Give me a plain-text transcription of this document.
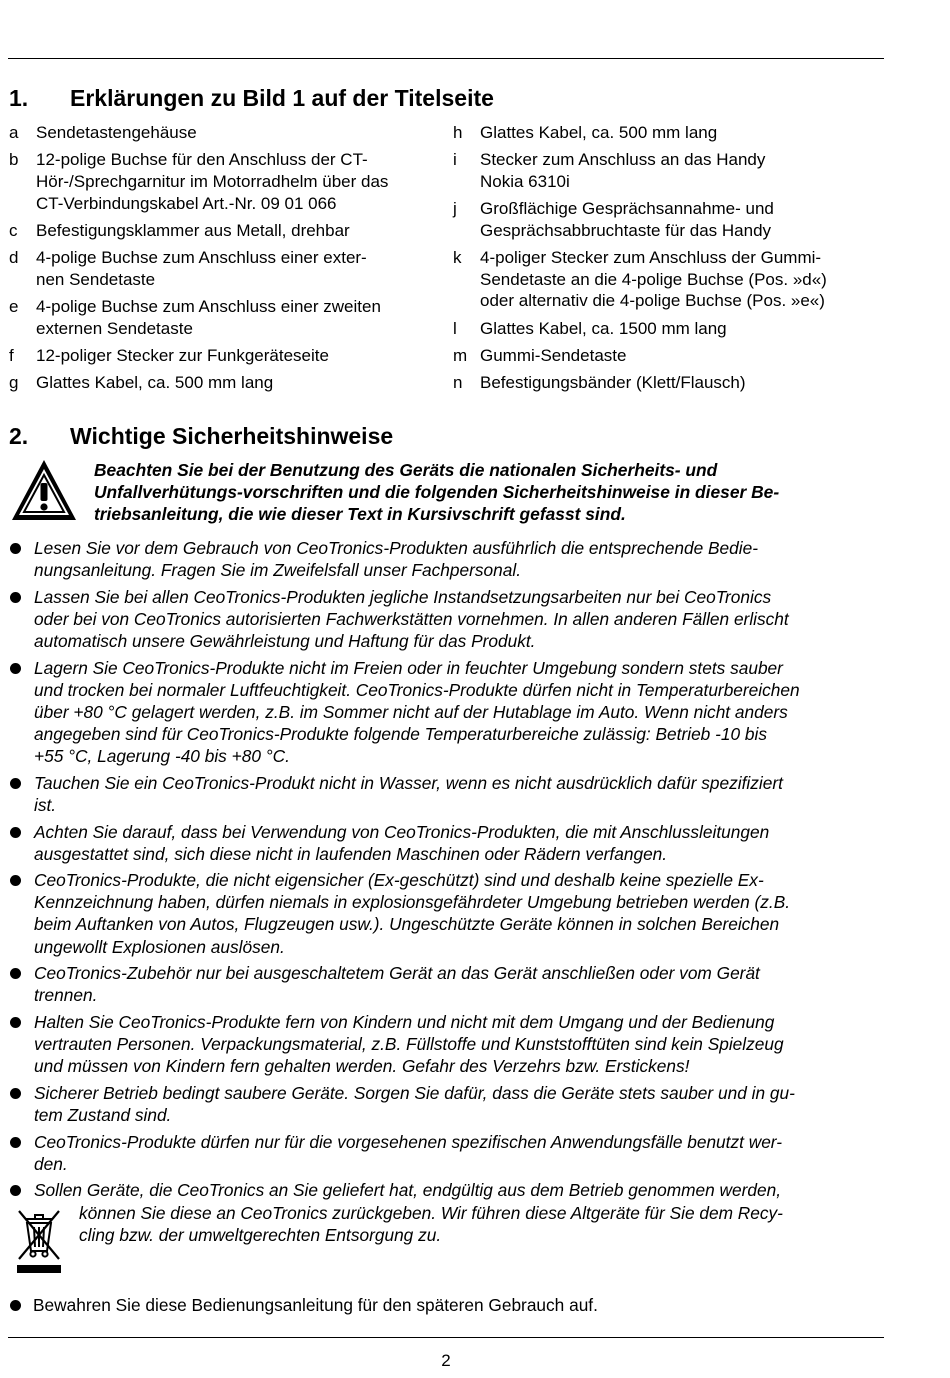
1. Erklärungen zu Bild 1 auf der Titelseite
a Sendetastengehäuse
b 12-polige Buchse für den Anschluss der CT-
Hör-/Sprechgarnitur im Motorradhelm über das
CT-Verbindungskabel Art.-Nr. 09 01 066
c Befestigungsklammer aus Metall, drehbar
d 4-polige Buchse zum Anschluss einer exter-
nen Sendetaste
e 4-polige Buchse zum Anschluss einer zweiten
externen Sendetaste
f 12-poliger Stecker zur Funkgeräteseite
g Glattes Kabel, ca. 500 mm lang
h Glattes Kabel, ca. 500 mm lang
i Stecker zum Anschluss an das Handy
Nokia 6310i
j Großflächige Gesprächsannahme- und
Gesprächsabbruchtaste für das Handy
k 4-poliger Stecker zum Anschluss der Gummi-
Sendetaste an die 4-polige Buchse (Pos. »d«)
oder alternativ die 4-polige Buchse (Pos. »e«)
l Glattes Kabel, ca. 1500 mm lang
m Gummi-Sendetaste
n Befestigungsbänder (Klett/Flausch)
2. Wichtige Sicherheitshinweise
Beachten Sie bei der Benutzung des Geräts die nationalen Sicherheits- und
Unfallverhütungs-vorschriften und die folgenden Sicherheitshinweise in dieser Be-
triebsanleitung, die wie dieser Text in Kursivschrift gefasst sind.
Lesen Sie vor dem Gebrauch von CeoTronics-Produkten ausführlich die entsprechende Bedie-
nungsanleitung. Fragen Sie im Zweifelsfall unser Fachpersonal.
Lassen Sie bei allen CeoTronics-Produkten jegliche Instandsetzungsarbeiten nur bei CeoTronics
oder bei von CeoTronics autorisierten Fachwerkstätten vornehmen. In allen anderen Fällen erlischt
automatisch unsere Gewährleistung und Haftung für das Produkt.
Lagern Sie CeoTronics-Produkte nicht im Freien oder in feuchter Umgebung sondern stets sauber
und trocken bei normaler Luftfeuchtigkeit. CeoTronics-Produkte dürfen nicht in Temperaturbereichen
über +80 °C gelagert werden, z.B. im Sommer nicht auf der Hutablage im Auto. Wenn nicht anders
angegeben sind für CeoTronics-Produkte folgende Temperaturbereiche zulässig: Betrieb -10 bis
+55 °C, Lagerung -40 bis +80 °C.
Tauchen Sie ein CeoTronics-Produkt nicht in Wasser, wenn es nicht ausdrücklich dafür spezifiziert
ist.
Achten Sie darauf, dass bei Verwendung von CeoTronics-Produkten, die mit Anschlussleitungen
ausgestattet sind, sich diese nicht in laufenden Maschinen oder Rädern verfangen.
CeoTronics-Produkte, die nicht eigensicher (Ex-geschützt) sind und deshalb keine spezielle Ex-
Kennzeichnung haben, dürfen niemals in explosionsgefährdeter Umgebung betrieben werden (z.B.
beim Auftanken von Autos, Flugzeugen usw.). Ungeschützte Geräte können in solchen Bereichen
ungewollt Explosionen auslösen.
CeoTronics-Zubehör nur bei ausgeschaltetem Gerät an das Gerät anschließen oder vom Gerät
trennen.
Halten Sie CeoTronics-Produkte fern von Kindern und nicht mit dem Umgang und der Bedienung
vertrauten Personen. Verpackungsmaterial, z.B. Füllstoffe und Kunststofftüten sind kein Spielzeug
und müssen von Kindern fern gehalten werden. Gefahr des Verzehrs bzw. Erstickens!
Sicherer Betrieb bedingt saubere Geräte. Sorgen Sie dafür, dass die Geräte stets sauber und in gu-
tem Zustand sind.
CeoTronics-Produkte dürfen nur für die vorgesehenen spezifischen Anwendungsfälle benutzt wer-
den.
Sollen Geräte, die CeoTronics an Sie geliefert hat, endgültig aus dem Betrieb genommen werden,
können Sie diese an CeoTronics zurückgeben. Wir führen diese Altgeräte für Sie dem Recy-
cling bzw. der umweltgerechten Entsorgung zu.
Bewahren Sie diese Bedienungsanleitung für den späteren Gebrauch auf.
2
